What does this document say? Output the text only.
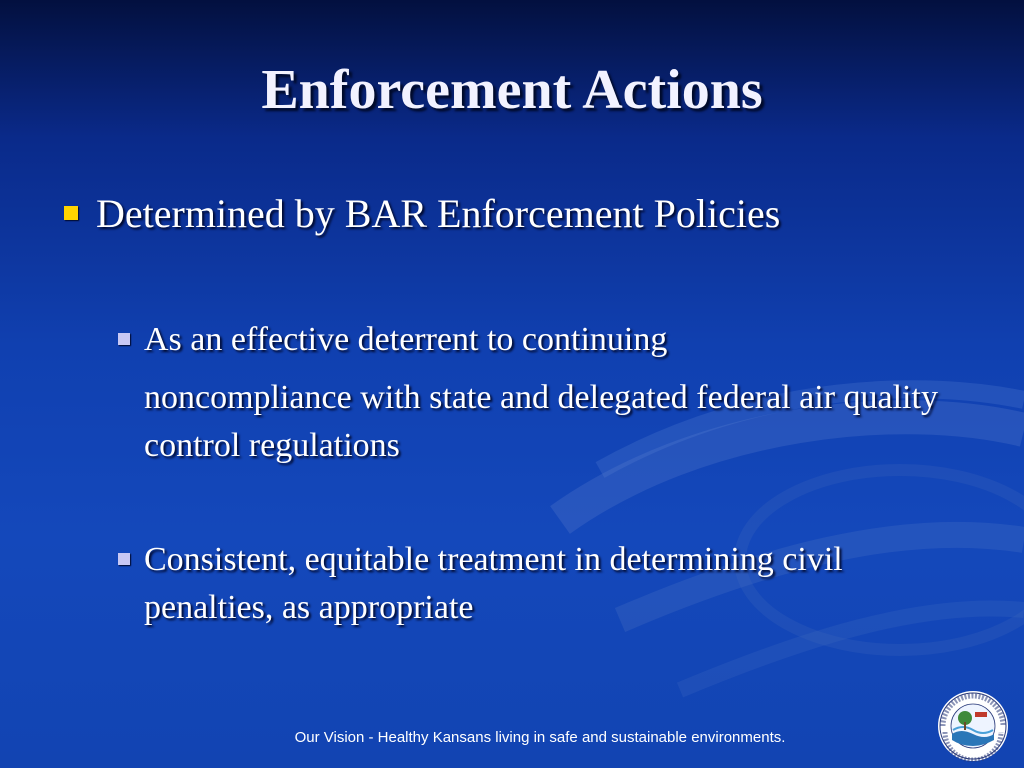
Enforcement Actions
Determined by BAR Enforcement Policies
As an effective deterrent to continuing
noncompliance with state and delegated federal air quality control regulations
Consistent, equitable treatment in determining civil penalties, as appropriate
Our Vision - Healthy Kansans living in safe and sustainable environments.
